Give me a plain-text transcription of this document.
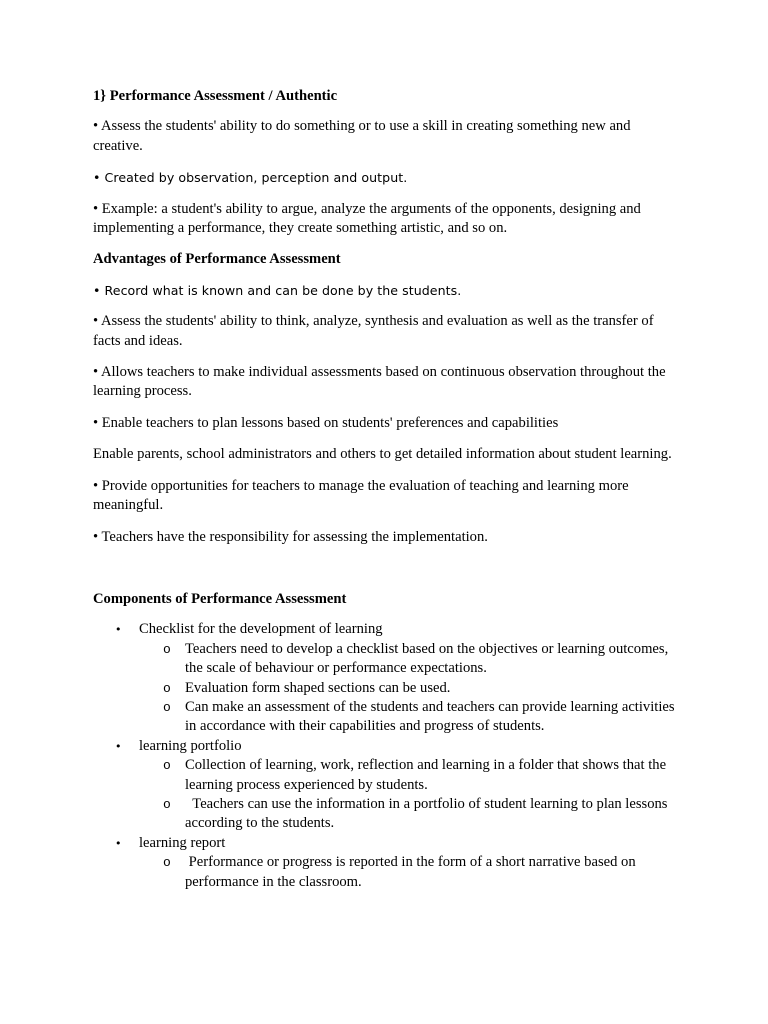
1} Performance Assessment / Authentic

• Assess the students' ability to do something or to use a skill in creating something new and creative.

• Created by observation, perception and output.

• Example: a student's ability to argue, analyze the arguments of the opponents, designing and implementing a performance, they create something artistic, and so on.

Advantages of Performance Assessment

• Record what is known and can be done by the students.

• Assess the students' ability to think, analyze, synthesis and evaluation as well as the transfer of facts and ideas.

• Allows teachers to make individual assessments based on continuous observation throughout the learning process.

• Enable teachers to plan lessons based on students' preferences and capabilities

Enable parents, school administrators and others to get detailed information about student learning.

• Provide opportunities for teachers to manage the evaluation of teaching and learning more meaningful.

• Teachers have the responsibility for assessing the implementation.

Components of Performance Assessment

• Checklist for the development of learning
o Teachers need to develop a checklist based on the objectives or learning outcomes, the scale of behaviour or performance expectations.
o Evaluation form shaped sections can be used.
o Can make an assessment of the students and teachers can provide learning activities in accordance with their capabilities and progress of students.
• learning portfolio
o Collection of learning, work, reflection and learning in a folder that shows that the learning process experienced by students.
o Teachers can use the information in a portfolio of student learning to plan lessons according to the students.
• learning report
o Performance or progress is reported in the form of a short narrative based on performance in the classroom.
